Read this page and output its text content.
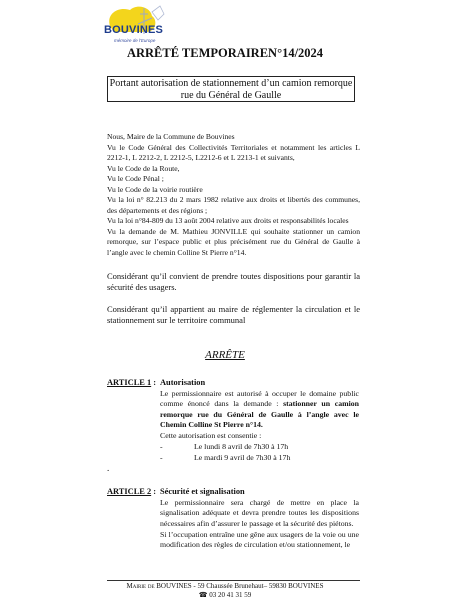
BOUVINES
mémoire de l'Europe
ARRÊTÉ TEMPORAIREN°14/2024
Portant autorisation de stationnement d’un camion remorque
rue du Général de Gaulle
Nous, Maire de la Commune de Bouvines
Vu le Code Général des Collectivités Territoriales et notamment les articles L 2212-1, L 2212-2, L 2212-5, L2212-6 et L 2213-1 et suivants,
Vu le Code de la Route,
Vu le Code Pénal ;
Vu le Code de la voirie routière
Vu la loi n° 82.213 du 2 mars 1982 relative aux droits et libertés des communes, des départements et des régions ;
Vu la loi n°84-809 du 13 août 2004 relative aux droits et responsabilités locales
Vu la demande de M. Mathieu JONVILLE qui souhaite stationner un camion remorque, sur l’espace public et plus précisément rue du Général de Gaulle à l’angle avec le chemin Colline St Pierre n°14.
Considérant qu’il convient de prendre toutes dispositions pour garantir la sécurité des usagers.
Considérant qu’il appartient au maire de réglementer la circulation et le stationnement sur le territoire communal
ARRÊTE
ARTICLE 1 : Autorisation
Le permissionnaire est autorisé à occuper le domaine public comme énoncé dans la demande : stationner un camion remorque rue du Général de Gaulle à l’angle avec le Chemin Colline St Pierre n°14.
Cette autorisation est consentie :
-	Le lundi 8 avril de 7h30 à 17h
-	Le mardi 9 avril de 7h30 à 17h
.
ARTICLE 2 : Sécurité et signalisation
Le permissionnaire sera chargé de mettre en place la signalisation adéquate et devra prendre toutes les dispositions nécessaires afin d’assurer le passage et la sécurité des piétons.
Si l’occupation entraîne une gêne aux usagers de la voie ou une modification des règles de circulation et/ou stationnement, le
Mairie de BOUVINES - 59 Chaussée Brunehaut– 59830 BOUVINES
☎ 03 20 41 31 59
